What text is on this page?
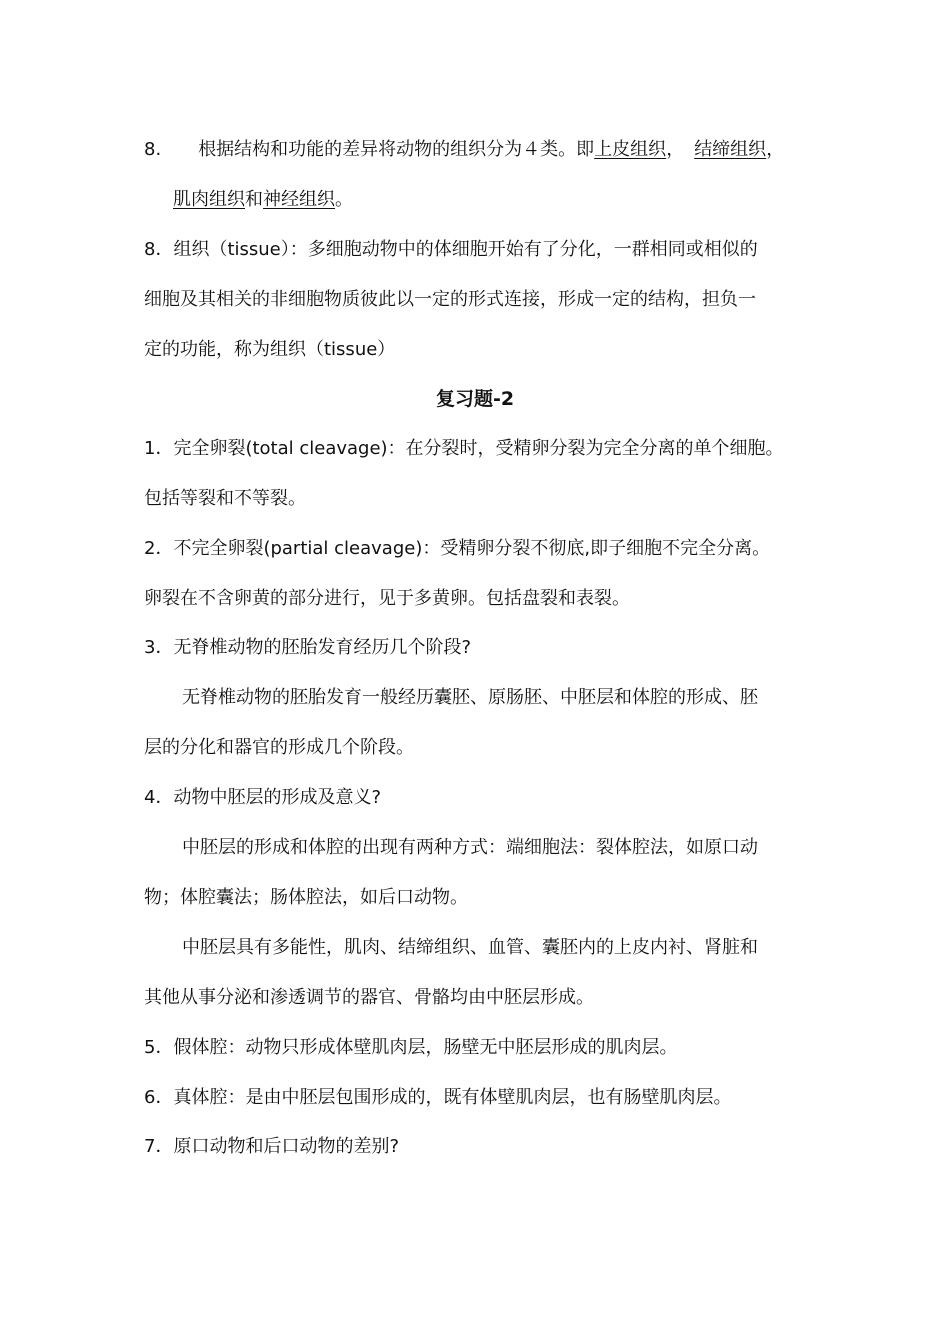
8. 根据结构和功能的差异将动物的组织分为４类。即上皮组织， 结缔组织，
肌肉组织和神经组织。
8．组织（tissue）：多细胞动物中的体细胞开始有了分化，一群相同或相似的
细胞及其相关的非细胞物质彼此以一定的形式连接，形成一定的结构，担负一
定的功能，称为组织（tissue）
复习题-2
1．完全卵裂(total cleavage)：在分裂时，受精卵分裂为完全分离的单个细胞。
包括等裂和不等裂。
2．不完全卵裂(partial cleavage)：受精卵分裂不彻底,即子细胞不完全分离。
卵裂在不含卵黄的部分进行，见于多黄卵。包括盘裂和表裂。
3．无脊椎动物的胚胎发育经历几个阶段?
无脊椎动物的胚胎发育一般经历囊胚、原肠胚、中胚层和体腔的形成、胚
层的分化和器官的形成几个阶段。
4．动物中胚层的形成及意义?
中胚层的形成和体腔的出现有两种方式：端细胞法：裂体腔法，如原口动
物；体腔囊法；肠体腔法，如后口动物。
中胚层具有多能性，肌肉、结缔组织、血管、囊胚内的上皮内衬、肾脏和
其他从事分泌和渗透调节的器官、骨骼均由中胚层形成。
5．假体腔：动物只形成体壁肌肉层，肠壁无中胚层形成的肌肉层。
6．真体腔：是由中胚层包围形成的，既有体壁肌肉层，也有肠壁肌肉层。
7．原口动物和后口动物的差别?
